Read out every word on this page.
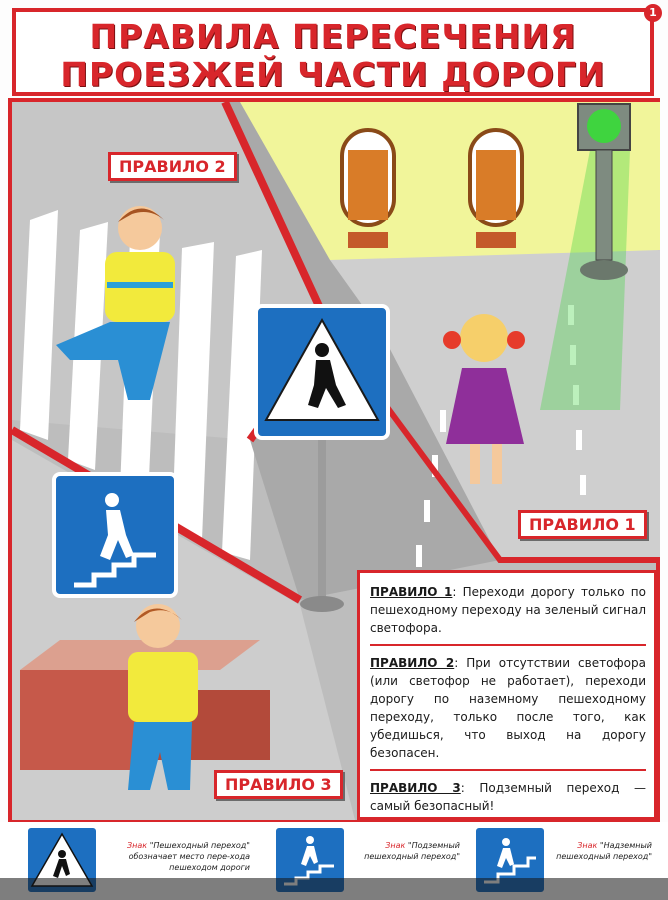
ПРАВИЛА ПЕРЕСЕЧЕНИЯ
ПРОЕЗЖЕЙ ЧАСТИ ДОРОГИ
1
ПРАВИЛО 2
ПРАВИЛО 1
ПРАВИЛО 3
ПРАВИЛО 1: Переходи дорогу только по пешеходному переходу на зеленый сигнал светофора.
ПРАВИЛО 2: При отсутствии светофора (или светофор не работает), переходи дорогу по наземному пешеходному переходу, только после того, как убедишься, что выход на дорогу безопасен.
ПРАВИЛО 3: Подземный переход — самый безопасный!
Знак "Пешеходный переход"
обозначает место пере-хода пешеходом дороги
Знак "Подземный пешеходный переход"
Знак "Надземный пешеходный переход"
